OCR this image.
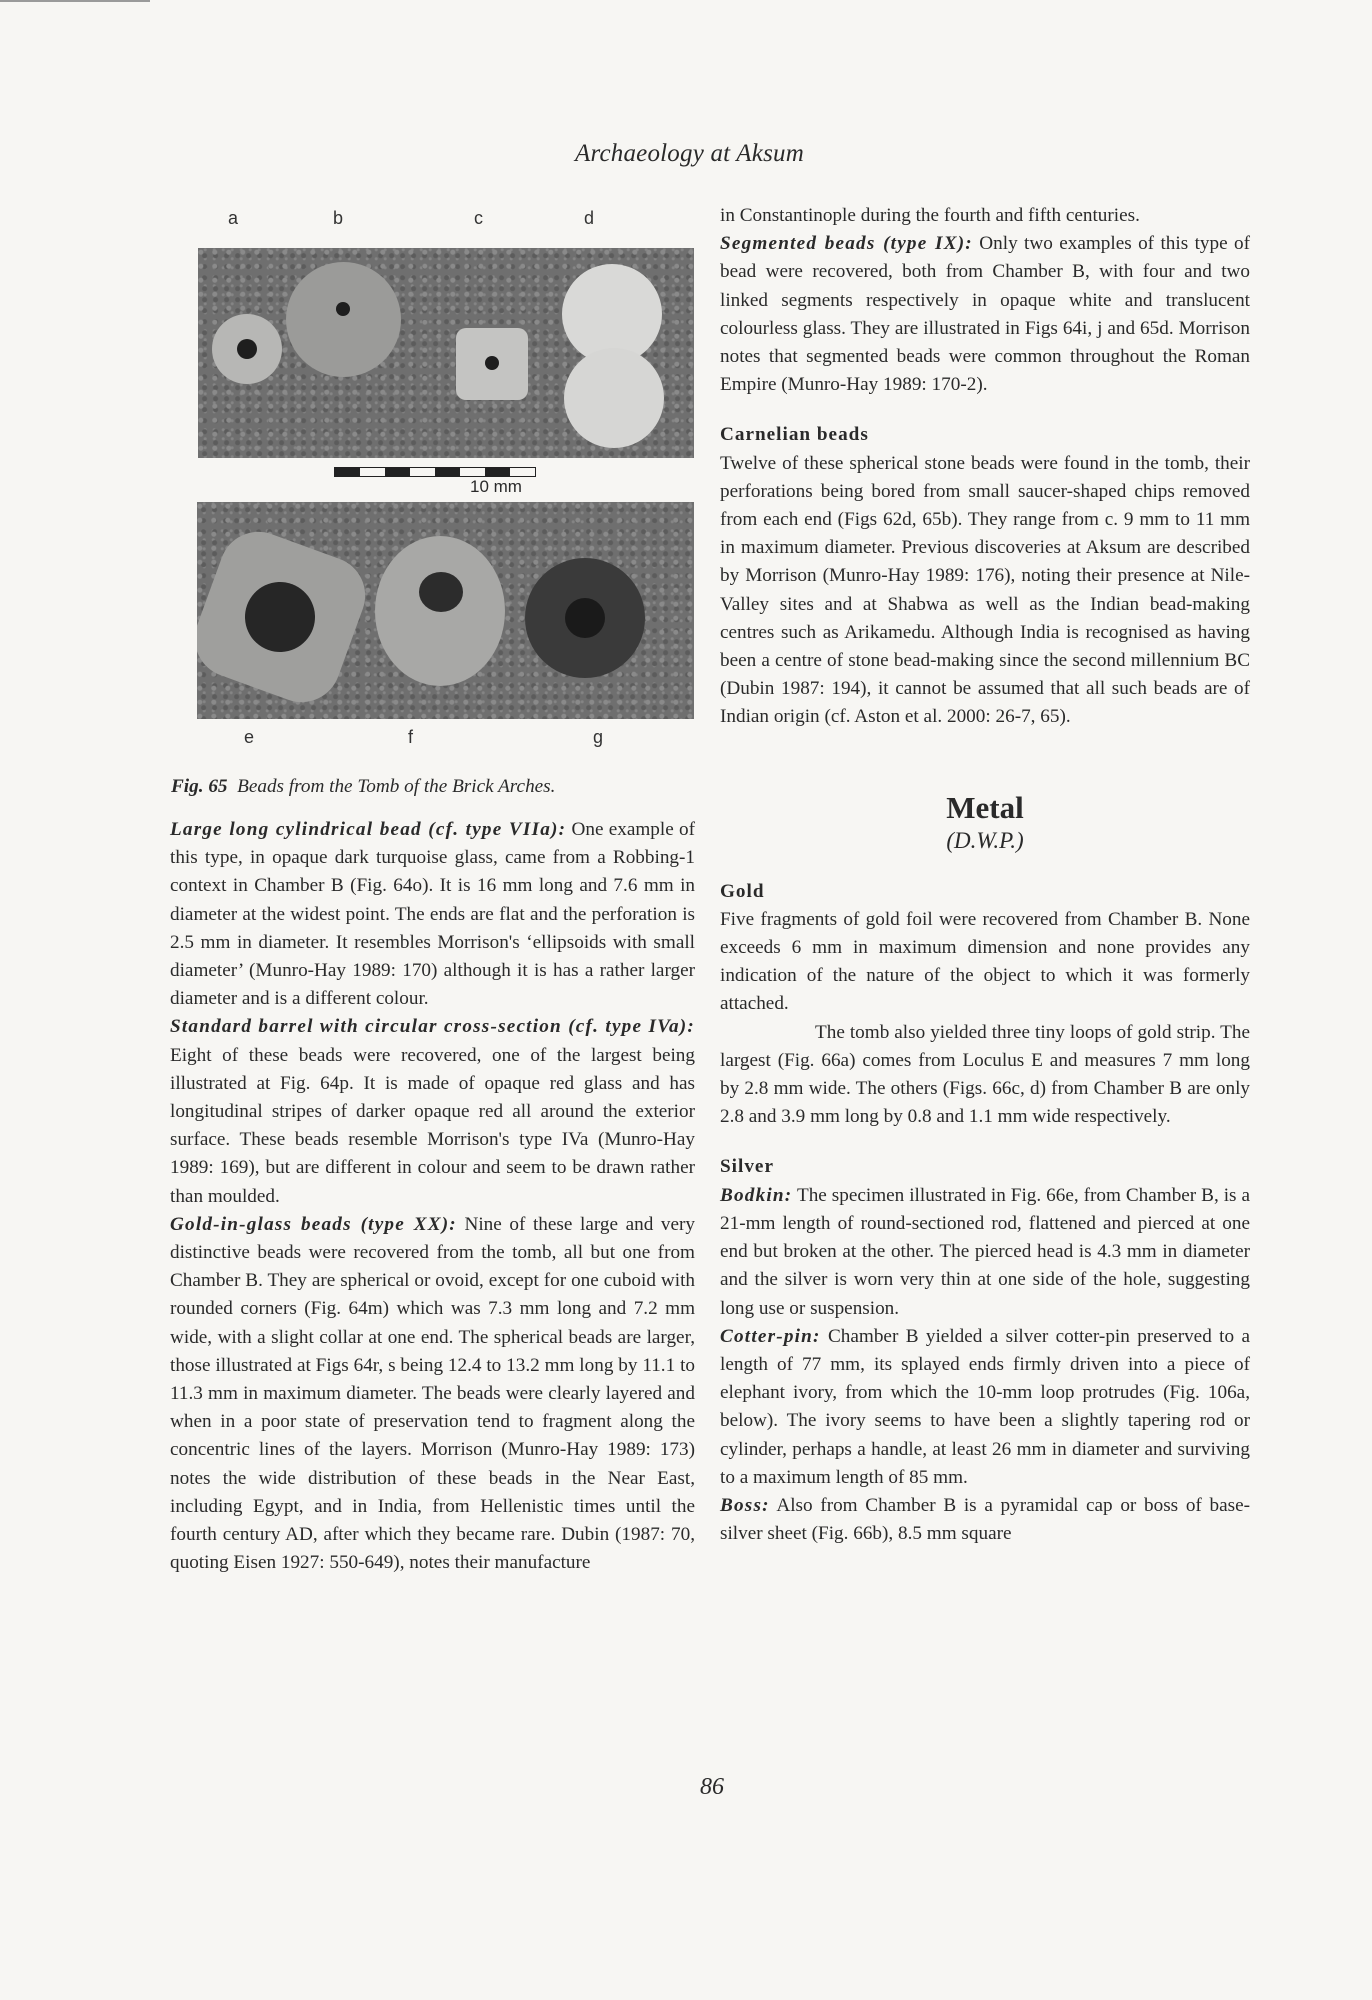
Archaeology at Aksum
a	b	c	d
10 mm
e	f	g
Fig. 65 Beads from the Tomb of the Brick Arches.

Large long cylindrical bead (cf. type VIIa): One example of this type, in opaque dark turquoise glass, came from a Robbing-1 context in Chamber B (Fig. 64o). It is 16 mm long and 7.6 mm in diameter at the widest point. The ends are flat and the perforation is 2.5 mm in diameter. It resembles Morrison's ‘ellipsoids with small diameter’ (Munro-Hay 1989: 170) although it is has a rather larger diameter and is a different colour.

Standard barrel with circular cross-section (cf. type IVa): Eight of these beads were recovered, one of the largest being illustrated at Fig. 64p. It is made of opaque red glass and has longitudinal stripes of darker opaque red all around the exterior surface. These beads resemble Morrison's type IVa (Munro-Hay 1989: 169), but are different in colour and seem to be drawn rather than moulded.

Gold-in-glass beads (type XX): Nine of these large and very distinctive beads were recovered from the tomb, all but one from Chamber B. They are spherical or ovoid, except for one cuboid with rounded corners (Fig. 64m) which was 7.3 mm long and 7.2 mm wide, with a slight collar at one end. The spherical beads are larger, those illustrated at Figs 64r, s being 12.4 to 13.2 mm long by 11.1 to 11.3 mm in maximum diameter. The beads were clearly layered and when in a poor state of preservation tend to fragment along the concentric lines of the layers. Morrison (Munro-Hay 1989: 173) notes the wide distribution of these beads in the Near East, including Egypt, and in India, from Hellenistic times until the fourth century AD, after which they became rare. Dubin (1987: 70, quoting Eisen 1927: 550-649), notes their manufacture

in Constantinople during the fourth and fifth centuries.

Segmented beads (type IX): Only two examples of this type of bead were recovered, both from Chamber B, with four and two linked segments respectively in opaque white and translucent colourless glass. They are illustrated in Figs 64i, j and 65d. Morrison notes that segmented beads were common throughout the Roman Empire (Munro-Hay 1989: 170-2).

Carnelian beads

Twelve of these spherical stone beads were found in the tomb, their perforations being bored from small saucer-shaped chips removed from each end (Figs 62d, 65b). They range from c. 9 mm to 11 mm in maximum diameter. Previous discoveries at Aksum are described by Morrison (Munro-Hay 1989: 176), noting their presence at Nile-Valley sites and at Shabwa as well as the Indian bead-making centres such as Arikamedu. Although India is recognised as having been a centre of stone bead-making since the second millennium BC (Dubin 1987: 194), it cannot be assumed that all such beads are of Indian origin (cf. Aston et al. 2000: 26-7, 65).

Metal

(D.W.P.)

Gold

Five fragments of gold foil were recovered from Chamber B. None exceeds 6 mm in maximum dimension and none provides any indication of the nature of the object to which it was formerly attached.

The tomb also yielded three tiny loops of gold strip. The largest (Fig. 66a) comes from Loculus E and measures 7 mm long by 2.8 mm wide. The others (Figs. 66c, d) from Chamber B are only 2.8 and 3.9 mm long by 0.8 and 1.1 mm wide respectively.

Silver

Bodkin: The specimen illustrated in Fig. 66e, from Chamber B, is a 21-mm length of round-sectioned rod, flattened and pierced at one end but broken at the other. The pierced head is 4.3 mm in diameter and the silver is worn very thin at one side of the hole, suggesting long use or suspension.

Cotter-pin: Chamber B yielded a silver cotter-pin preserved to a length of 77 mm, its splayed ends firmly driven into a piece of elephant ivory, from which the 10-mm loop protrudes (Fig. 106a, below). The ivory seems to have been a slightly tapering rod or cylinder, perhaps a handle, at least 26 mm in diameter and surviving to a maximum length of 85 mm.

Boss: Also from Chamber B is a pyramidal cap or boss of base-silver sheet (Fig. 66b), 8.5 mm square

86
